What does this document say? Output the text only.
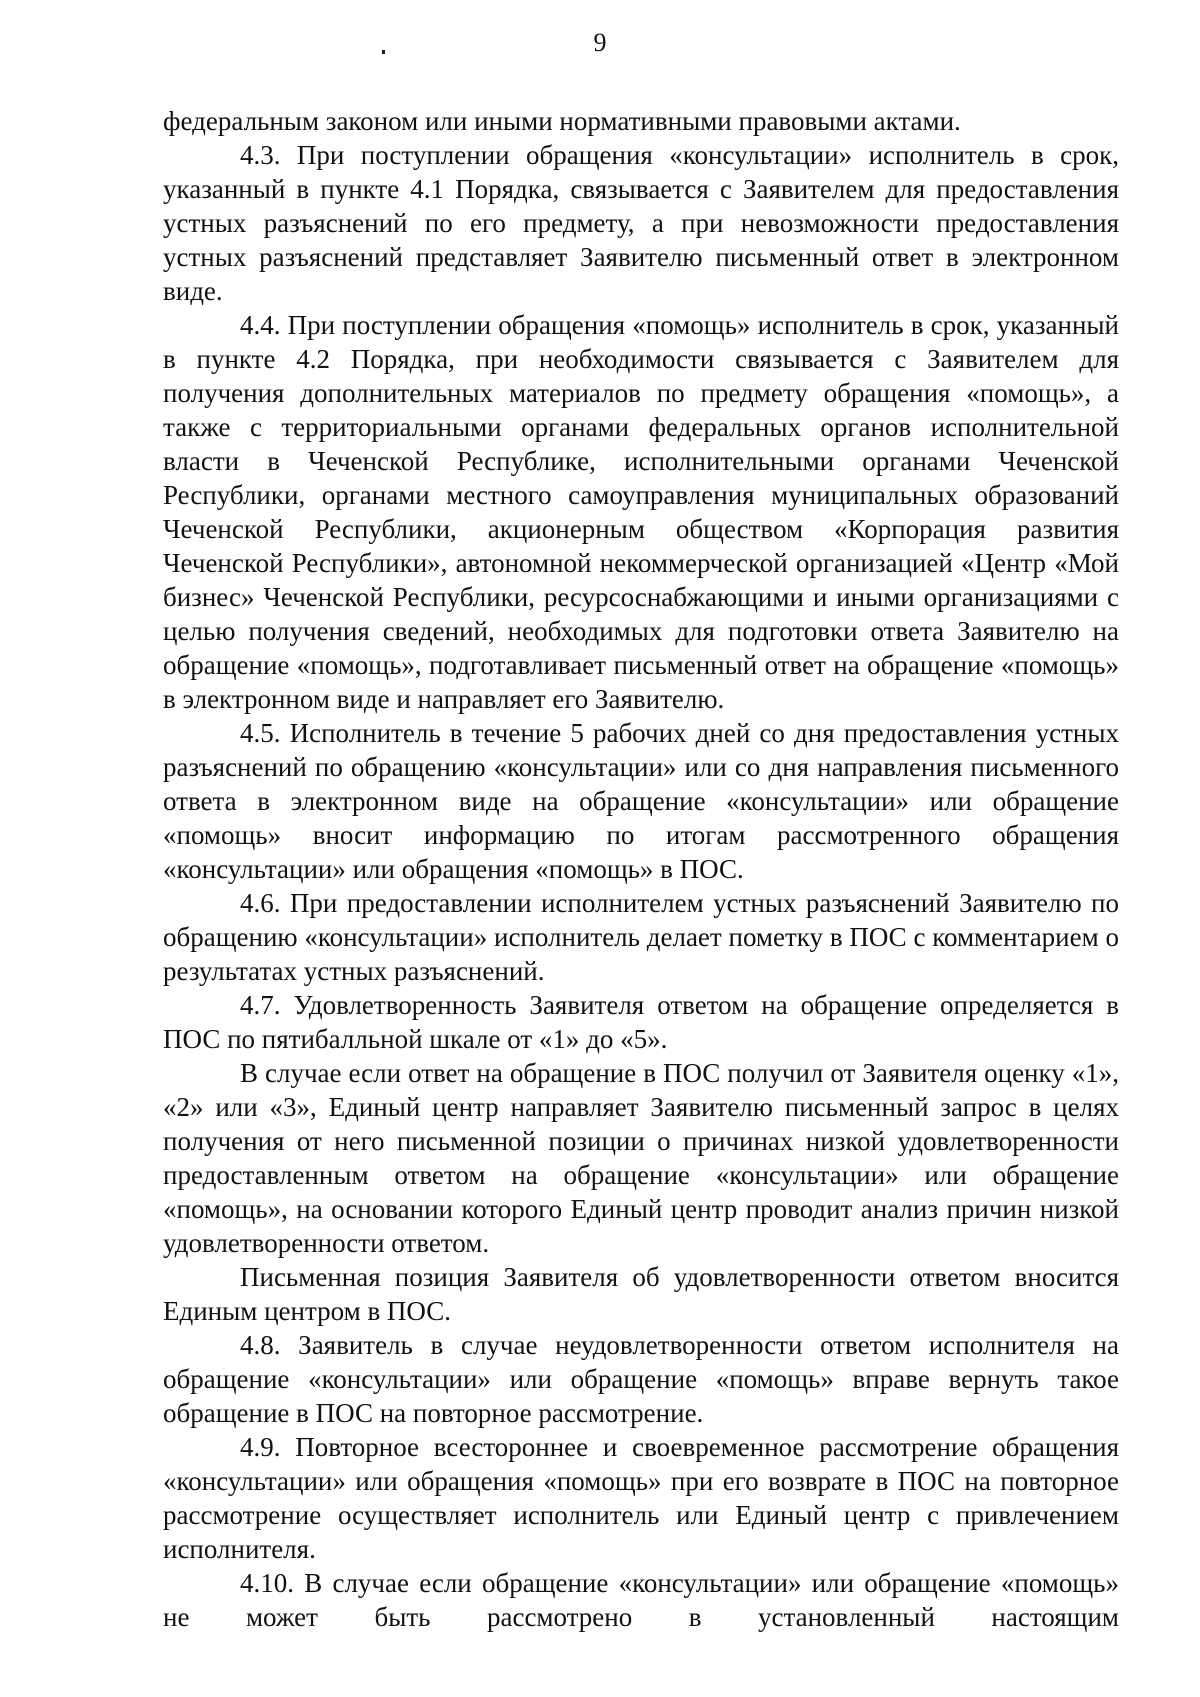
9

федеральным законом или иными нормативными правовыми актами.

4.3. При поступлении обращения «консультации» исполнитель в срок, указанный в пункте 4.1 Порядка, связывается с Заявителем для предоставления устных разъяснений по его предмету, а при невозможности предоставления устных разъяснений представляет Заявителю письменный ответ в электронном виде.

4.4. При поступлении обращения «помощь» исполнитель в срок, указанный в пункте 4.2 Порядка, при необходимости связывается с Заявителем для получения дополнительных материалов по предмету обращения «помощь», а также с территориальными органами федеральных органов исполнительной власти в Чеченской Республике, исполнительными органами Чеченской Республики, органами местного самоуправления муниципальных образований Чеченской Республики, акционерным обществом «Корпорация развития Чеченской Республики», автономной некоммерческой организацией «Центр «Мой бизнес» Чеченской Республики, ресурсоснабжающими и иными организациями с целью получения сведений, необходимых для подготовки ответа Заявителю на обращение «помощь», подготавливает письменный ответ на обращение «помощь» в электронном виде и направляет его Заявителю.

4.5. Исполнитель в течение 5 рабочих дней со дня предоставления устных разъяснений по обращению «консультации» или со дня направления письменного ответа в электронном виде на обращение «консультации» или обращение «помощь» вносит информацию по итогам рассмотренного обращения «консультации» или обращения «помощь» в ПОС.

4.6. При предоставлении исполнителем устных разъяснений Заявителю по обращению «консультации» исполнитель делает пометку в ПОС с комментарием о результатах устных разъяснений.

4.7. Удовлетворенность Заявителя ответом на обращение определяется в ПОС по пятибалльной шкале от «1» до «5».

В случае если ответ на обращение в ПОС получил от Заявителя оценку «1», «2» или «3», Единый центр направляет Заявителю письменный запрос в целях получения от него письменной позиции о причинах низкой удовлетворенности предоставленным ответом на обращение «консультации» или обращение «помощь», на основании которого Единый центр проводит анализ причин низкой удовлетворенности ответом.

Письменная позиция Заявителя об удовлетворенности ответом вносится Единым центром в ПОС.

4.8. Заявитель в случае неудовлетворенности ответом исполнителя на обращение «консультации» или обращение «помощь» вправе вернуть такое обращение в ПОС на повторное рассмотрение.

4.9. Повторное всестороннее и своевременное рассмотрение обращения «консультации» или обращения «помощь» при его возврате в ПОС на повторное рассмотрение осуществляет исполнитель или Единый центр с привлечением исполнителя.

4.10. В случае если обращение «консультации» или обращение «помощь» не может быть рассмотрено в установленный настоящим
